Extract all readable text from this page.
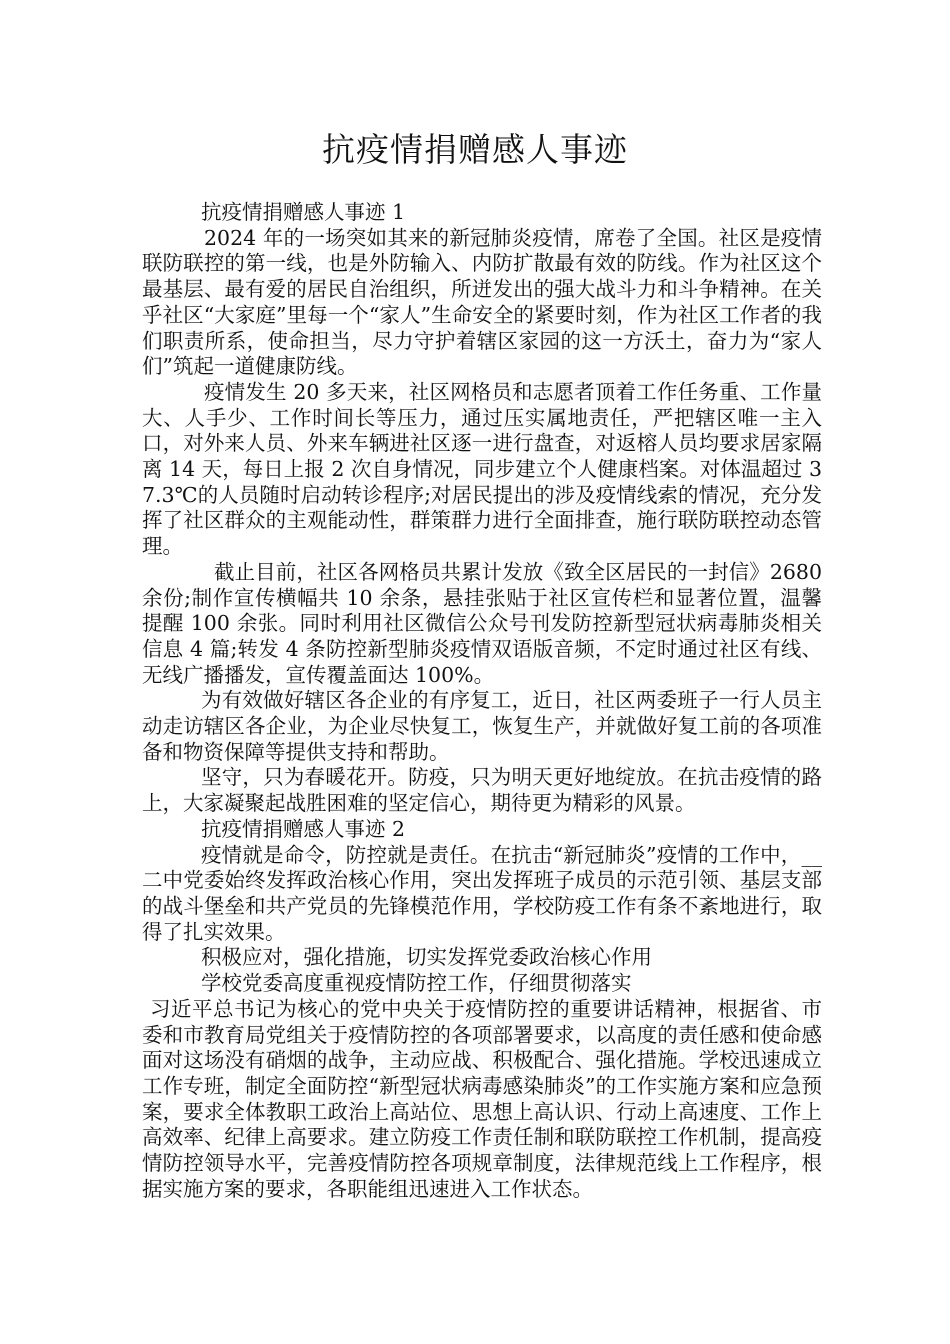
抗疫情捐赠感人事迹

抗疫情捐赠感人事迹 1

2024 年的一场突如其来的新冠肺炎疫情，席卷了全国。社区是疫情联防联控的第一线，也是外防输入、内防扩散最有效的防线。作为社区这个最基层、最有爱的居民自治组织，所迸发出的强大战斗力和斗争精神。在关乎社区“大家庭”里每一个“家人”生命安全的紧要时刻，作为社区工作者的我们职责所系，使命担当，尽力守护着辖区家园的这一方沃土，奋力为“家人们”筑起一道健康防线。

疫情发生 20 多天来，社区网格员和志愿者顶着工作任务重、工作量大、人手少、工作时间长等压力，通过压实属地责任，严把辖区唯一主入口，对外来人员、外来车辆进社区逐一进行盘查，对返榕人员均要求居家隔离 14 天，每日上报 2 次自身情况，同步建立个人健康档案。对体温超过 37.3℃的人员随时启动转诊程序;对居民提出的涉及疫情线索的情况，充分发挥了社区群众的主观能动性，群策群力进行全面排查，施行联防联控动态管理。

截止目前，社区各网格员共累计发放《致全区居民的一封信》2680 余份;制作宣传横幅共 10 余条，悬挂张贴于社区宣传栏和显著位置，温馨提醒 100 余张。同时利用社区微信公众号刊发防控新型冠状病毒肺炎相关信息 4 篇;转发 4 条防控新型肺炎疫情双语版音频，不定时通过社区有线、无线广播播发，宣传覆盖面达 100%。

为有效做好辖区各企业的有序复工，近日，社区两委班子一行人员主动走访辖区各企业，为企业尽快复工，恢复生产，并就做好复工前的各项准备和物资保障等提供支持和帮助。

坚守，只为春暖花开。防疫，只为明天更好地绽放。在抗击疫情的路上，大家凝聚起战胜困难的坚定信心，期待更为精彩的风景。

抗疫情捐赠感人事迹 2

疫情就是命令，防控就是责任。在抗击“新冠肺炎”疫情的工作中，__二中党委始终发挥政治核心作用，突出发挥班子成员的示范引领、基层支部的战斗堡垒和共产党员的先锋模范作用，学校防疫工作有条不紊地进行，取得了扎实效果。

积极应对，强化措施，切实发挥党委政治核心作用

学校党委高度重视疫情防控工作，仔细贯彻落实

习近平总书记为核心的党中央关于疫情防控的重要讲话精神，根据省、市委和市教育局党组关于疫情防控的各项部署要求，以高度的责任感和使命感面对这场没有硝烟的战争，主动应战、积极配合、强化措施。学校迅速成立工作专班，制定全面防控“新型冠状病毒感染肺炎”的工作实施方案和应急预案，要求全体教职工政治上高站位、思想上高认识、行动上高速度、工作上高效率、纪律上高要求。建立防疫工作责任制和联防联控工作机制，提高疫情防控领导水平，完善疫情防控各项规章制度，法律规范线上工作程序，根据实施方案的要求，各职能组迅速进入工作状态。
